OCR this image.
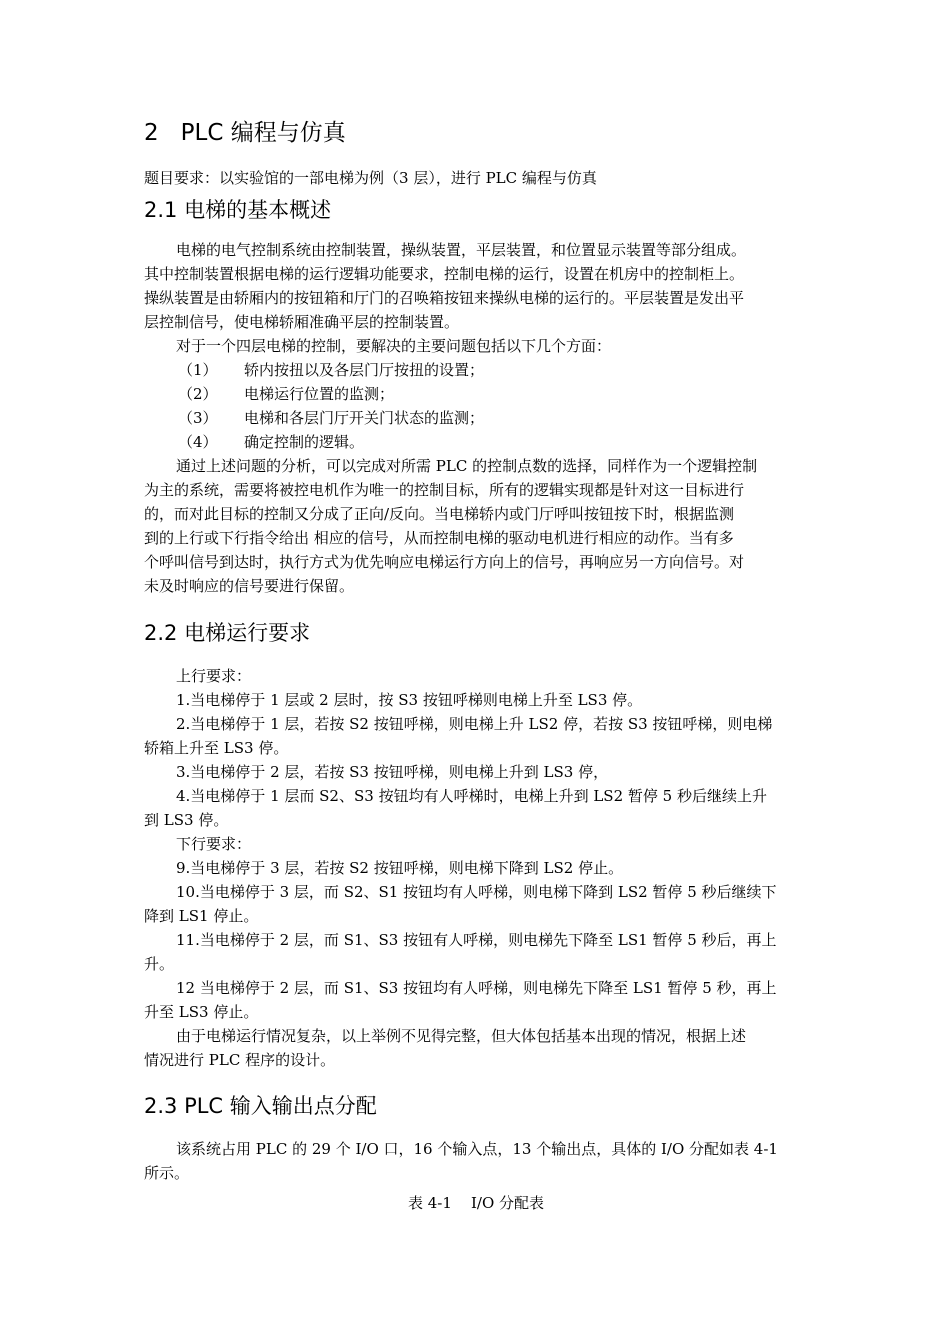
2 PLC 编程与仿真
题目要求：以实验馆的一部电梯为例（3 层），进行 PLC 编程与仿真
2.1 电梯的基本概述
电梯的电气控制系统由控制装置，操纵装置，平层装置，和位置显示装置等部分组成。
其中控制装置根据电梯的运行逻辑功能要求，控制电梯的运行，设置在机房中的控制柜上。
操纵装置是由轿厢内的按钮箱和厅门的召唤箱按钮来操纵电梯的运行的。平层装置是发出平
层控制信号，使电梯轿厢准确平层的控制装置。
对于一个四层电梯的控制，要解决的主要问题包括以下几个方面：
（1） 轿内按扭以及各层门厅按扭的设置；
（2） 电梯运行位置的监测；
（3） 电梯和各层门厅开关门状态的监测；
（4） 确定控制的逻辑。
通过上述问题的分析，可以完成对所需 PLC 的控制点数的选择，同样作为一个逻辑控制
为主的系统，需要将被控电机作为唯一的控制目标，所有的逻辑实现都是针对这一目标进行
的，而对此目标的控制又分成了正向/反向。当电梯轿内或门厅呼叫按钮按下时，根据监测
到的上行或下行指令给出 相应的信号，从而控制电梯的驱动电机进行相应的动作。当有多
个呼叫信号到达时，执行方式为优先响应电梯运行方向上的信号，再响应另一方向信号。对
未及时响应的信号要进行保留。
2.2 电梯运行要求
上行要求：
1.当电梯停于 1 层或 2 层时，按 S3 按钮呼梯则电梯上升至 LS3 停。
2.当电梯停于 1 层，若按 S2 按钮呼梯，则电梯上升 LS2 停，若按 S3 按钮呼梯，则电梯
轿箱上升至 LS3 停。
3.当电梯停于 2 层，若按 S3 按钮呼梯，则电梯上升到 LS3 停，
4.当电梯停于 1 层而 S2、S3 按钮均有人呼梯时，电梯上升到 LS2 暂停 5 秒后继续上升
到 LS3 停。
下行要求：
9.当电梯停于 3 层，若按 S2 按钮呼梯，则电梯下降到 LS2 停止。
10.当电梯停于 3 层，而 S2、S1 按钮均有人呼梯，则电梯下降到 LS2 暂停 5 秒后继续下
降到 LS1 停止。
11.当电梯停于 2 层，而 S1、S3 按钮有人呼梯，则电梯先下降至 LS1 暂停 5 秒后，再上
升。
12 当电梯停于 2 层，而 S1、S3 按钮均有人呼梯，则电梯先下降至 LS1 暂停 5 秒，再上
升至 LS3 停止。
由于电梯运行情况复杂，以上举例不见得完整，但大体包括基本出现的情况，根据上述
情况进行 PLC 程序的设计。
2.3 PLC 输入输出点分配
该系统占用 PLC 的 29 个 I/O 口，16 个输入点，13 个输出点，具体的 I/O 分配如表 4-1
所示。
表 4-1    I/O 分配表
